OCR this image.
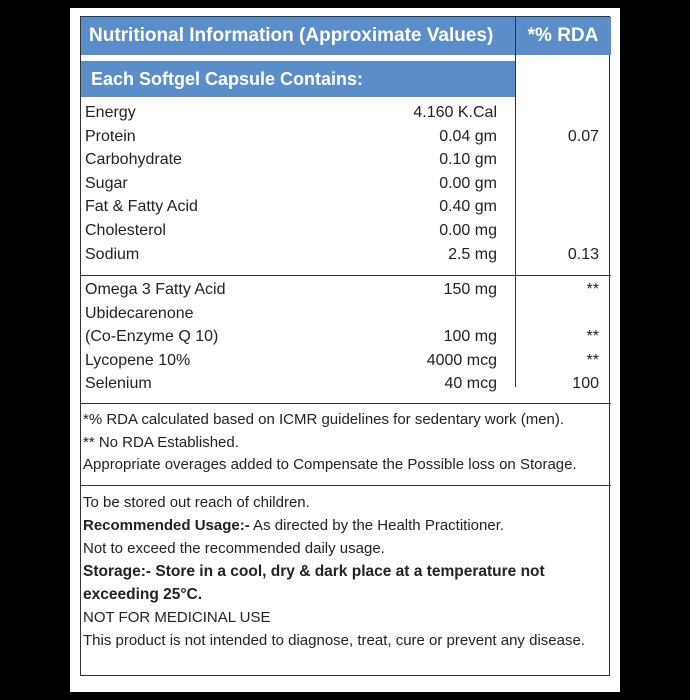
Nutritional Information (Approximate Values) *% RDA
Each Softgel Capsule Contains:
Energy	4.160 K.Cal
Protein	0.04 gm	0.07
Carbohydrate	0.10 gm
Sugar	0.00 gm
Fat & Fatty Acid	0.40 gm
Cholesterol	0.00 mg
Sodium	2.5 mg	0.13
Omega 3 Fatty Acid	150 mg	**
Ubidecarenone
(Co-Enzyme Q 10)	100 mg	**
Lycopene 10%	4000 mcg	**
Selenium	40 mcg	100
*% RDA calculated based on ICMR guidelines for sedentary work (men).
** No RDA Established.
Appropriate overages added to Compensate the Possible loss on Storage.
To be stored out reach of children.
Recommended Usage:- As directed by the Health Practitioner.
Not to exceed the recommended daily usage.
Storage:- Store in a cool, dry & dark place at a temperature not exceeding 25°C.
NOT FOR MEDICINAL USE
This product is not intended to diagnose, treat, cure or prevent any disease.
